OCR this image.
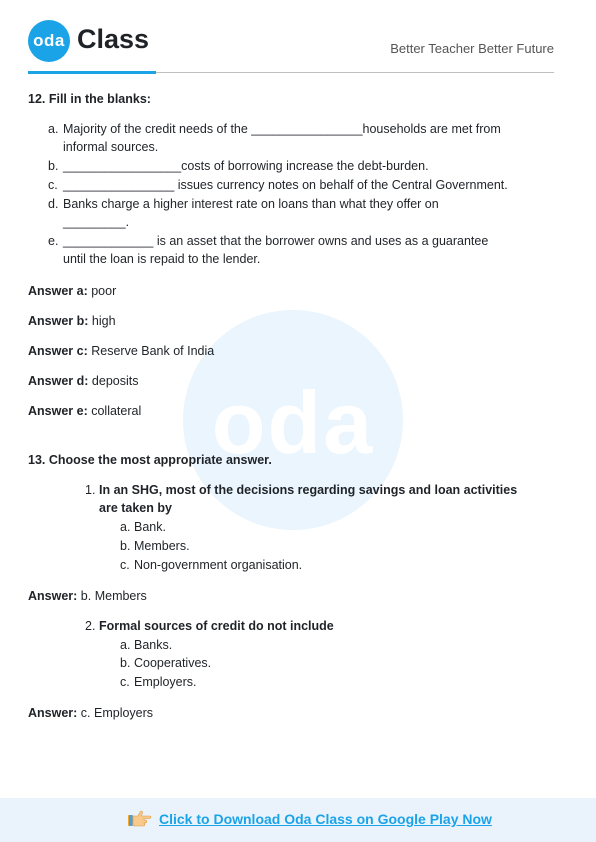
oda Class	Better Teacher Better Future
oda
12. Fill in the blanks:
a. Majority of the credit needs of the ________________households are met from
informal sources.
b. _________________costs of borrowing increase the debt-burden.
c. ________________ issues currency notes on behalf of the Central Government.
d. Banks charge a higher interest rate on loans than what they offer on
_________.
e. _____________ is an asset that the borrower owns and uses as a guarantee
until the loan is repaid to the lender.
Answer a: poor
Answer b: high
Answer c: Reserve Bank of India
Answer d: deposits
Answer e: collateral
13. Choose the most appropriate answer.
1. In an SHG, most of the decisions regarding savings and loan activities
are taken by
a. Bank.
b. Members.
c. Non-government organisation.
Answer: b. Members
2. Formal sources of credit do not include
a. Banks.
b. Cooperatives.
c. Employers.
Answer: c. Employers
Click to Download Oda Class on Google Play Now
